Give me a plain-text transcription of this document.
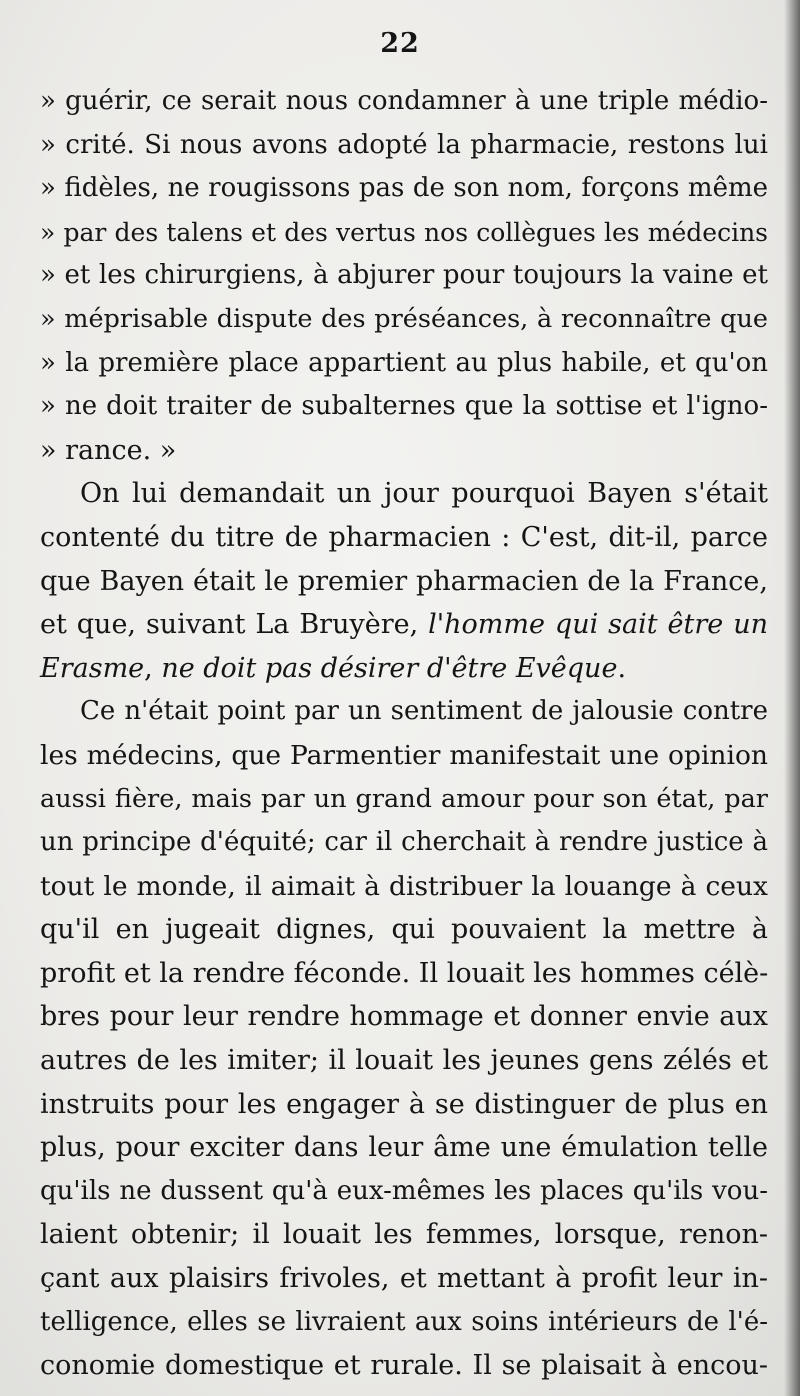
22
» guérir, ce serait nous condamner à une triple médio-
» crité. Si nous avons adopté la pharmacie, restons lui
» fidèles, ne rougissons pas de son nom, forçons même
» par des talens et des vertus nos collègues les médecins
» et les chirurgiens, à abjurer pour toujours la vaine et
» méprisable dispute des préséances, à reconnaître que
» la première place appartient au plus habile, et qu'on
» ne doit traiter de subalternes que la sottise et l'igno-
» rance. »
On lui demandait un jour pourquoi Bayen s'était
contenté du titre de pharmacien : C'est, dit-il, parce
que Bayen était le premier pharmacien de la France,
et que, suivant La Bruyère, l'homme qui sait être un
Erasme, ne doit pas désirer d'être Evêque.
Ce n'était point par un sentiment de jalousie contre
les médecins, que Parmentier manifestait une opinion
aussi fière, mais par un grand amour pour son état, par
un principe d'équité; car il cherchait à rendre justice à
tout le monde, il aimait à distribuer la louange à ceux
qu'il en jugeait dignes, qui pouvaient la mettre à
profit et la rendre féconde. Il louait les hommes célè-
bres pour leur rendre hommage et donner envie aux
autres de les imiter; il louait les jeunes gens zélés et
instruits pour les engager à se distinguer de plus en
plus, pour exciter dans leur âme une émulation telle
qu'ils ne dussent qu'à eux-mêmes les places qu'ils vou-
laient obtenir; il louait les femmes, lorsque, renon-
çant aux plaisirs frivoles, et mettant à profit leur in-
telligence, elles se livraient aux soins intérieurs de l'é-
conomie domestique et rurale. Il se plaisait à encou-
